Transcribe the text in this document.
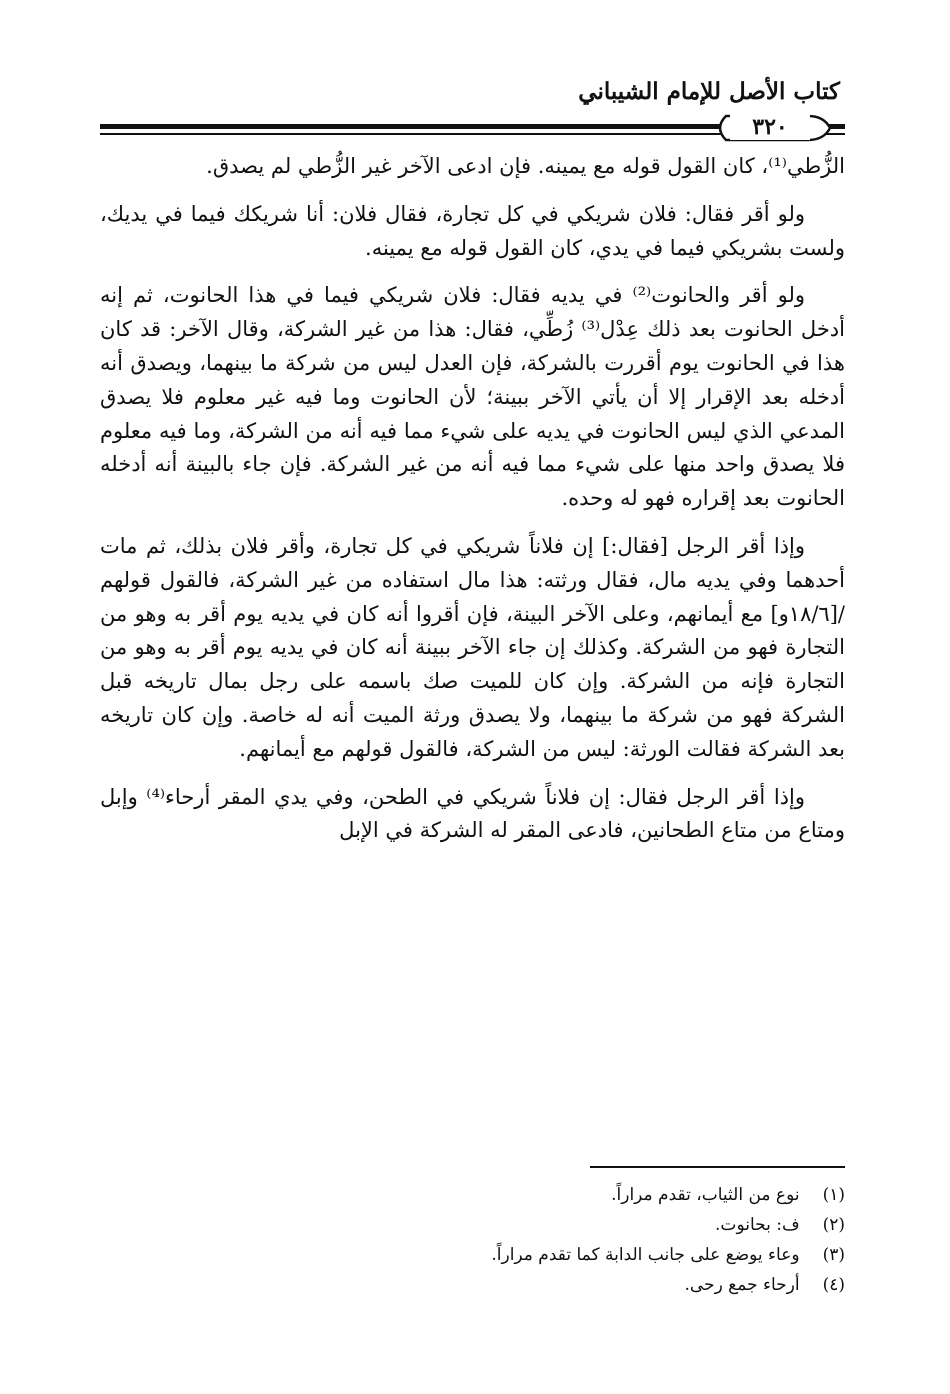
كتاب الأصل للإمام الشيباني
٣٢٠

الزُّطي⁽¹⁾، كان القول قوله مع يمينه. فإن ادعى الآخر غير الزُّطي لم يصدق.

ولو أقر فقال: فلان شريكي في كل تجارة، فقال فلان: أنا شريكك فيما في يديك، ولست بشريكي فيما في يدي، كان القول قوله مع يمينه.

ولو أقر والحانوت⁽²⁾ في يديه فقال: فلان شريكي فيما في هذا الحانوت، ثم إنه أدخل الحانوت بعد ذلك عِدْل⁽³⁾ زُطِّي، فقال: هذا من غير الشركة، وقال الآخر: قد كان هذا في الحانوت يوم أقررت بالشركة، فإن العدل ليس من شركة ما بينهما، ويصدق أنه أدخله بعد الإقرار إلا أن يأتي الآخر ببينة؛ لأن الحانوت وما فيه غير معلوم فلا يصدق المدعي الذي ليس الحانوت في يديه على شيء مما فيه أنه من الشركة، وما فيه معلوم فلا يصدق واحد منها على شيء مما فيه أنه من غير الشركة. فإن جاء بالبينة أنه أدخله الحانوت بعد إقراره فهو له وحده.

وإذا أقر الرجل [فقال:] إن فلاناً شريكي في كل تجارة، وأقر فلان بذلك، ثم مات أحدهما وفي يديه مال، فقال ورثته: هذا مال استفاده من غير الشركة، فالقول قولهم /[١٨/٦و] مع أيمانهم، وعلى الآخر البينة، فإن أقروا أنه كان في يديه يوم أقر به وهو من التجارة فهو من الشركة. وكذلك إن جاء الآخر ببينة أنه كان في يديه يوم أقر به وهو من التجارة فإنه من الشركة. وإن كان للميت صك باسمه على رجل بمال تاريخه قبل الشركة فهو من شركة ما بينهما، ولا يصدق ورثة الميت أنه له خاصة. وإن كان تاريخه بعد الشركة فقالت الورثة: ليس من الشركة، فالقول قولهم مع أيمانهم.

وإذا أقر الرجل فقال: إن فلاناً شريكي في الطحن، وفي يدي المقر أرحاء⁽⁴⁾ وإبل ومتاع من متاع الطحانين، فادعى المقر له الشركة في الإبل

(١) نوع من الثياب، تقدم مراراً.

(٢) ف: بحانوت.

(٣) وعاء يوضع على جانب الدابة كما تقدم مراراً.

(٤) أرحاء جمع رحى.
